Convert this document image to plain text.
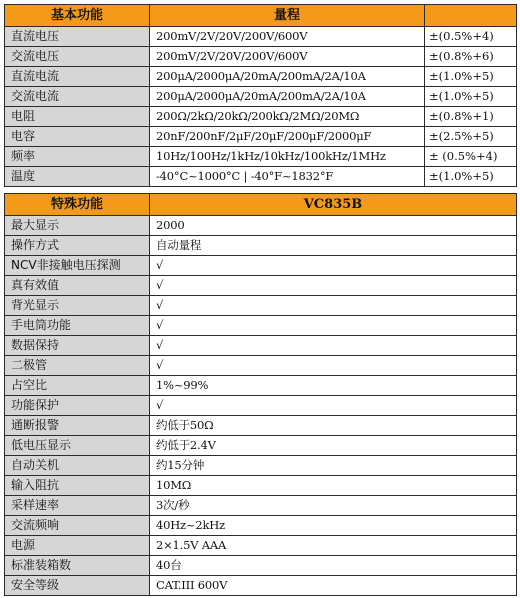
基本功能	量程	
直流电压	200mV/2V/20V/200V/600V	±(0.5%+4)
交流电压	200mV/2V/20V/200V/600V	±(0.8%+6)
直流电流	200μA/2000μA/20mA/200mA/2A/10A	±(1.0%+5)
交流电流	200μA/2000μA/20mA/200mA/2A/10A	±(1.0%+5)
电阻	200Ω/2kΩ/20kΩ/200kΩ/2MΩ/20MΩ	±(0.8%+1)
电容	20nF/200nF/2μF/20μF/200μF/2000μF	±(2.5%+5)
频率	10Hz/100Hz/1kHz/10kHz/100kHz/1MHz	± (0.5%+4)
温度	-40°C~1000°C | -40°F~1832°F	±(1.0%+5)
特殊功能	VC835B
最大显示	2000
操作方式	自动量程
NCV非接触电压探测	√
真有效值	√
背光显示	√
手电筒功能	√
数据保持	√
二极管	√
占空比	1%~99%
功能保护	√
通断报警	约低于50Ω
低电压显示	约低于2.4V
自动关机	约15分钟
输入阻抗	10MΩ
采样速率	3次/秒
交流频响	40Hz~2kHz
电源	2×1.5V AAA
标准装箱数	40台
安全等级	CAT.III 600V
